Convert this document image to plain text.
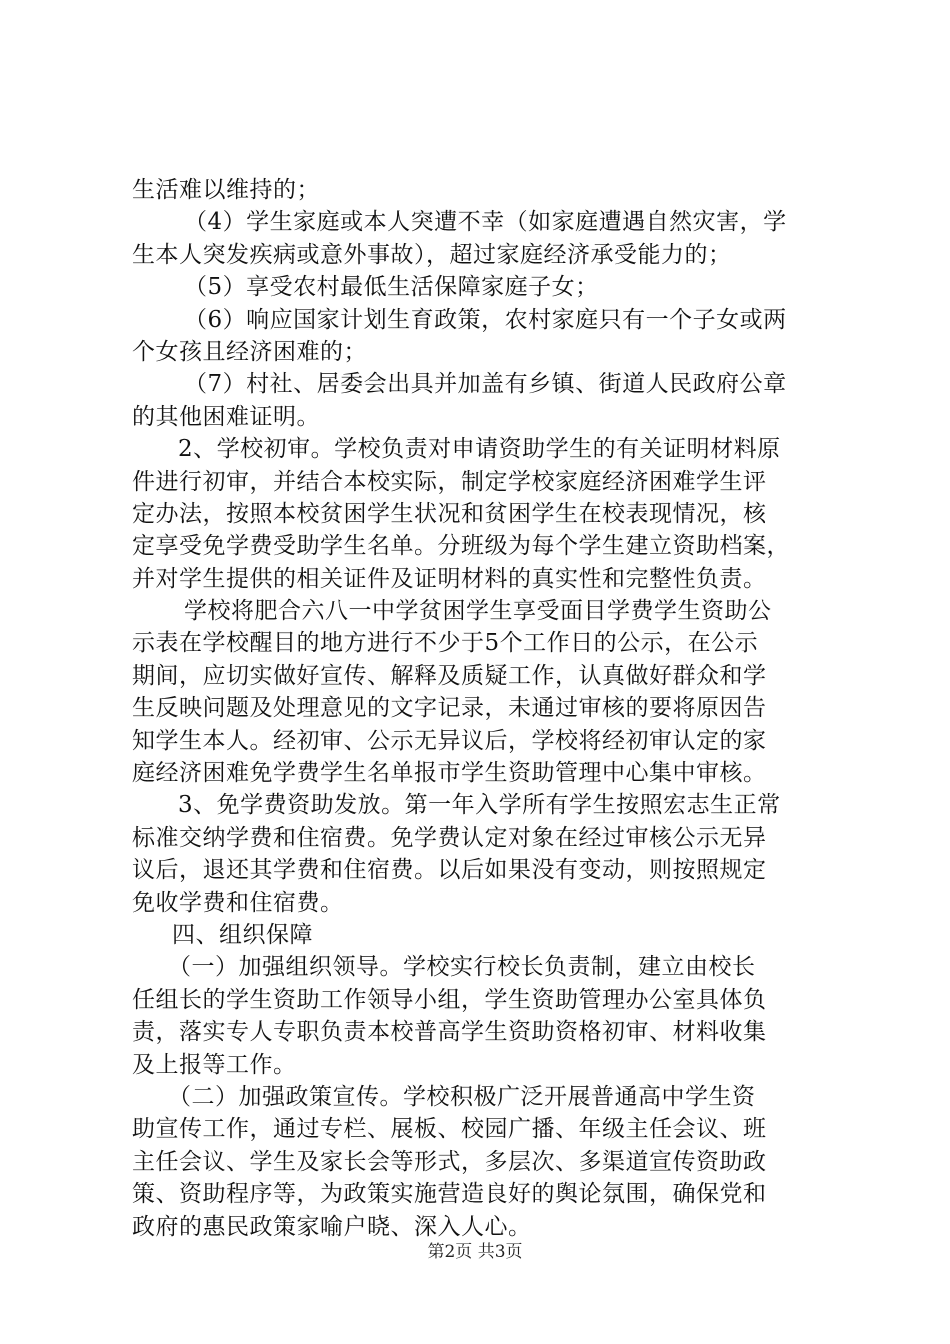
生活难以维持的；
（4）学生家庭或本人突遭不幸（如家庭遭遇自然灾害，学
生本人突发疾病或意外事故），超过家庭经济承受能力的；
（5）享受农村最低生活保障家庭子女；
（6）响应国家计划生育政策，农村家庭只有一个子女或两
个女孩且经济困难的；
（7）村社、居委会出具并加盖有乡镇、街道人民政府公章
的其他困难证明。
2、学校初审。学校负责对申请资助学生的有关证明材料原
件进行初审，并结合本校实际，制定学校家庭经济困难学生评
定办法，按照本校贫困学生状况和贫困学生在校表现情况，核
定享受免学费受助学生名单。分班级为每个学生建立资助档案，
并对学生提供的相关证件及证明材料的真实性和完整性负责。
学校将肥合六八一中学贫困学生享受面目学费学生资助公
示表在学校醒目的地方进行不少于5个工作日的公示，在公示
期间，应切实做好宣传、解释及质疑工作，认真做好群众和学
生反映问题及处理意见的文字记录，未通过审核的要将原因告
知学生本人。经初审、公示无异议后，学校将经初审认定的家
庭经济困难免学费学生名单报市学生资助管理中心集中审核。
3、免学费资助发放。第一年入学所有学生按照宏志生正常
标准交纳学费和住宿费。免学费认定对象在经过审核公示无异
议后，退还其学费和住宿费。以后如果没有变动，则按照规定
免收学费和住宿费。
四、组织保障
（一）加强组织领导。学校实行校长负责制，建立由校长
任组长的学生资助工作领导小组，学生资助管理办公室具体负
责，落实专人专职负责本校普高学生资助资格初审、材料收集
及上报等工作。
（二）加强政策宣传。学校积极广泛开展普通高中学生资
助宣传工作，通过专栏、展板、校园广播、年级主任会议、班
主任会议、学生及家长会等形式，多层次、多渠道宣传资助政
策、资助程序等，为政策实施营造良好的舆论氛围，确保党和
政府的惠民政策家喻户晓、深入人心。
第2页 共3页
